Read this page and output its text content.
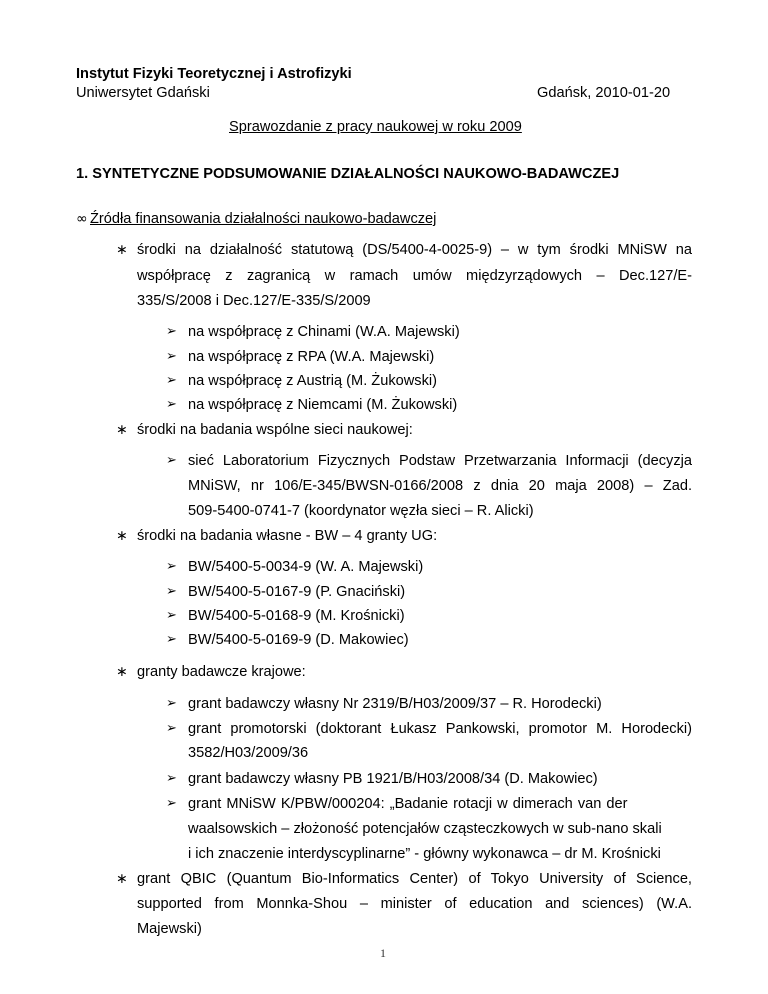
Instytut Fizyki Teoretycznej i Astrofizyki
Uniwersytet Gdański	Gdańsk, 2010-01-20
Sprawozdanie z pracy naukowej w roku 2009
1. SYNTETYCZNE PODSUMOWANIE DZIAŁALNOŚCI NAUKOWO-BADAWCZEJ
∞ Źródła finansowania działalności naukowo-badawczej
∗ środki na działalność statutową (DS/5400-4-0025-9) – w tym środki MNiSW na
współpracę z zagranicą w ramach umów międzyrządowych – Dec.127/E-
335/S/2008 i Dec.127/E-335/S/2009
➢ na współpracę z Chinami (W.A. Majewski)
➢ na współpracę z RPA (W.A. Majewski)
➢ na współpracę z Austrią (M. Żukowski)
➢ na współpracę z Niemcami (M. Żukowski)
∗ środki na badania wspólne sieci naukowej:
➢ sieć Laboratorium Fizycznych Podstaw Przetwarzania Informacji (decyzja
MNiSW, nr 106/E-345/BWSN-0166/2008 z dnia 20 maja 2008) – Zad.
509-5400-0741-7 (koordynator węzła sieci – R. Alicki)
∗ środki na badania własne - BW – 4 granty UG:
➢ BW/5400-5-0034-9 (W. A. Majewski)
➢ BW/5400-5-0167-9 (P. Gnaciński)
➢ BW/5400-5-0168-9 (M. Krośnicki)
➢ BW/5400-5-0169-9 (D. Makowiec)
∗ granty badawcze krajowe:
➢ grant badawczy własny Nr 2319/B/H03/2009/37 – R. Horodecki)
➢ grant promotorski (doktorant Łukasz Pankowski, promotor M. Horodecki)
3582/H03/2009/36
➢ grant badawczy własny PB 1921/B/H03/2008/34 (D. Makowiec)
➢ grant MNiSW K/PBW/000204: „Badanie rotacji w dimerach van der
waalsowskich – złożoność potencjałów cząsteczkowych w sub-nano skali
i ich znaczenie interdyscyplinarne” - główny wykonawca – dr M. Krośnicki
∗ grant QBIC (Quantum Bio-Informatics Center) of Tokyo University of Science,
supported from Monnka-Shou – minister of education and sciences) (W.A.
Majewski)
1
